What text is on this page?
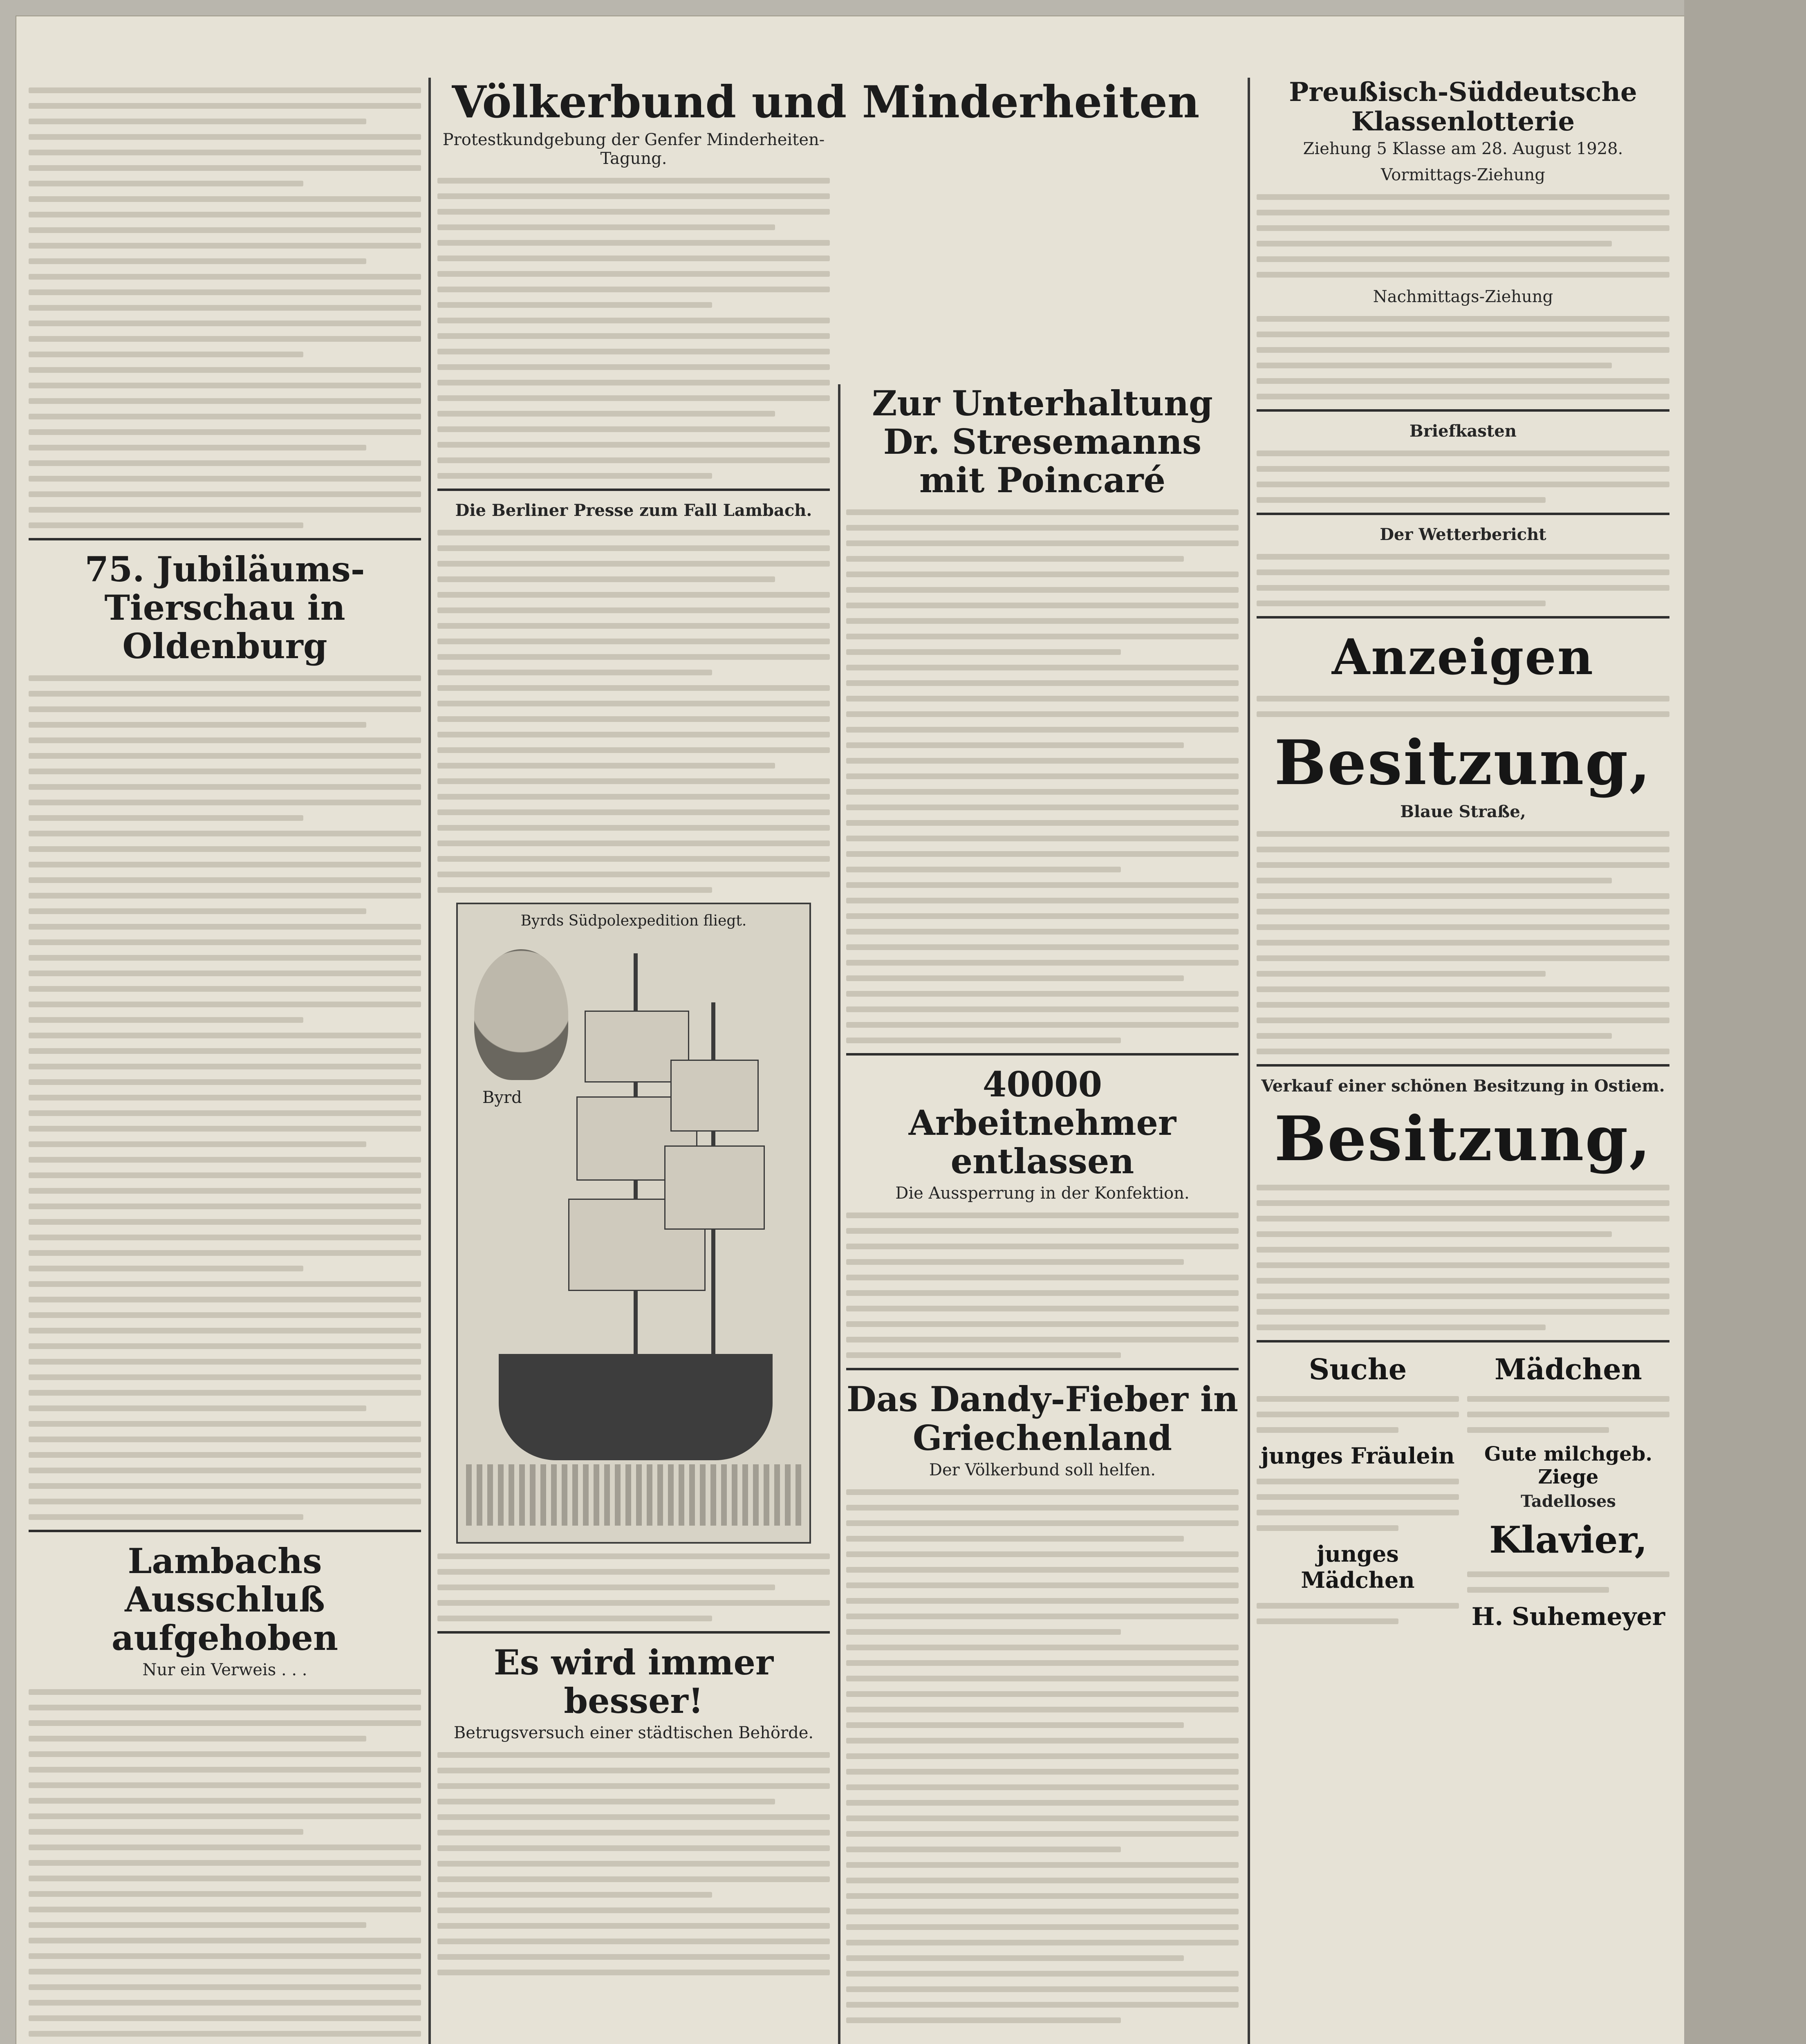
75. Jubiläums-Tierschau in Oldenburg
Lambachs Ausschluß aufgehoben
Nur ein Verweis . . .
Völkerbund und Minderheiten
Protestkundgebung der Genfer Minderheiten-Tagung.
Die Berliner Presse zum Fall Lambach.
Byrds Südpolexpedition fliegt.
Byrd
Es wird immer besser!
Betrugsversuch einer städtischen Behörde.
Zur Unterhaltung Dr. Stresemanns mit Poincaré
40000 Arbeitnehmer entlassen
Die Aussperrung in der Konfektion.
Das Dandy-Fieber in Griechenland
Der Völkerbund soll helfen.
Preußisch-Süddeutsche Klassenlotterie
Ziehung 5 Klasse am 28. August 1928.
Vormittags-Ziehung
Nachmittags-Ziehung
Briefkasten
Der Wetterbericht
Anzeigen
Besitzung,
Blaue Straße,
Verkauf einer schönen Besitzung in Ostiem.
Besitzung,
Suche
junges Fräulein
junges Mädchen
Mädchen
Gute milchgeb. Ziege
Tadelloses
Klavier,
H. Suhemeyer
